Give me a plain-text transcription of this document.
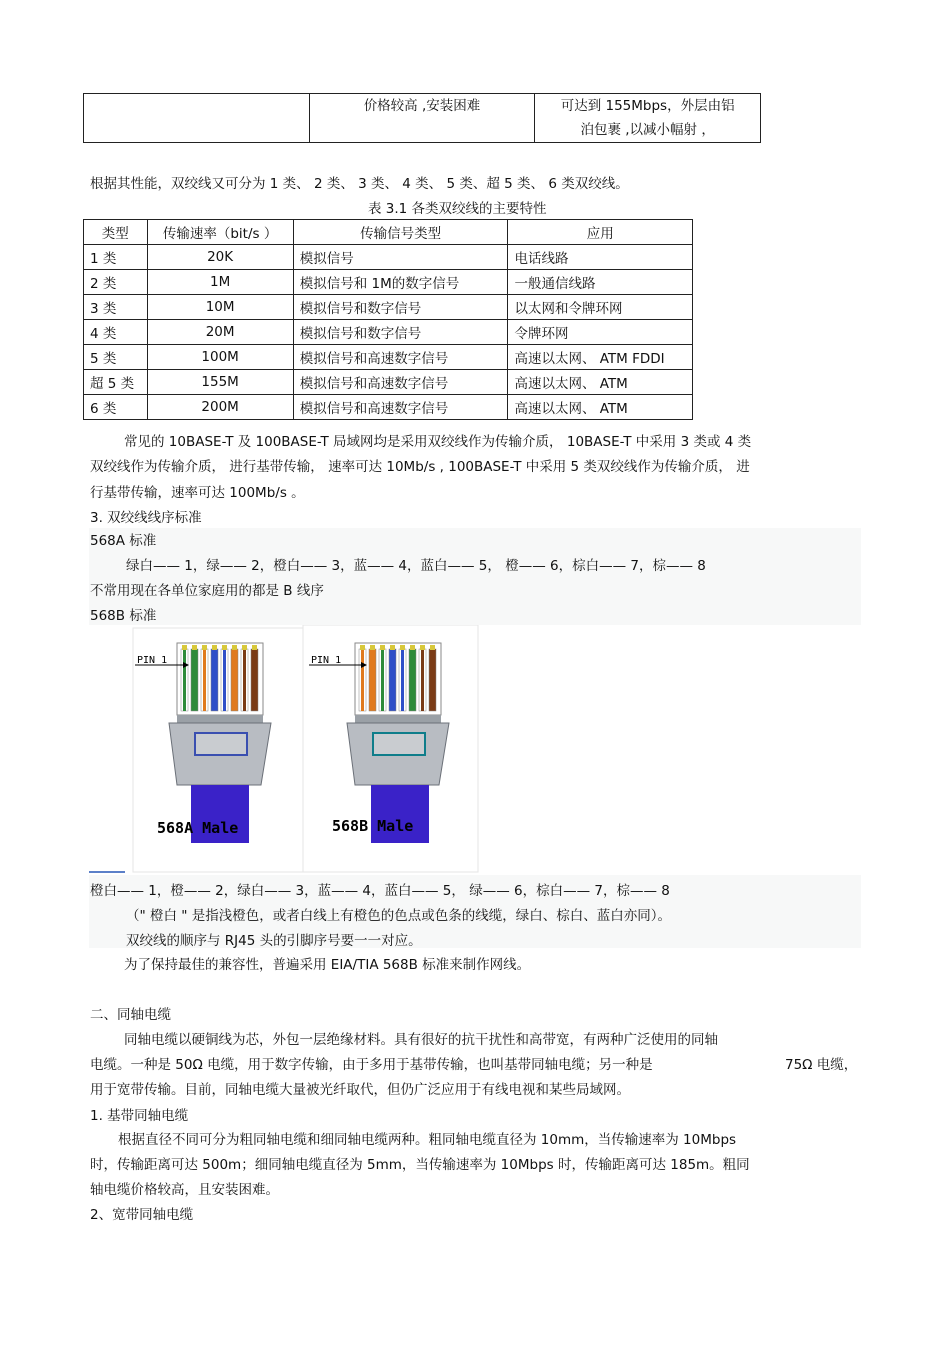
	价格较高 ,安装困难	可达到 155Mbps，外层由铝
泊包裹 ,以减小幅射 ，
根据其性能，双绞线又可分为 1 类、 2 类、 3 类、 4 类、 5 类、超 5 类、 6 类双绞线。
表 3.1 各类双绞线的主要特性
类型	传输速率（bit/s ）	传输信号类型	应用
1 类	20K	模拟信号	电话线路
2 类	1M	模拟信号和 1M的数字信号	一般通信线路
3 类	10M	模拟信号和数字信号	以太网和令牌环网
4 类	20M	模拟信号和数字信号	令牌环网
5 类	100M	模拟信号和高速数字信号	高速以太网、 ATM FDDI
超 5 类	155M	模拟信号和高速数字信号	高速以太网、 ATM
6 类	200M	模拟信号和高速数字信号	高速以太网、 ATM
常见的 10BASE-T 及 100BASE-T 局域网均是采用双绞线作为传输介质， 10BASE-T 中采用 3 类或 4 类
双绞线作为传输介质， 进行基带传输， 速率可达 10Mb/s , 100BASE-T 中采用 5 类双绞线作为传输介质， 进
行基带传输，速率可达 100Mb/s 。
3. 双绞线线序标准
568A 标准
绿白—— 1，绿—— 2，橙白—— 3，蓝—— 4，蓝白—— 5， 橙—— 6，棕白—— 7，棕—— 8
不常用现在各单位家庭用的都是 B 线序
568B 标准
PIN 1
568A Male
PIN 1
568B Male
橙白—— 1，橙—— 2，绿白—— 3，蓝—— 4，蓝白—— 5， 绿—— 6，棕白—— 7，棕—— 8
（" 橙白 " 是指浅橙色，或者白线上有橙色的色点或色条的线缆，绿白、棕白、蓝白亦同）。
双绞线的顺序与 RJ45 头的引脚序号要一一对应。
为了保持最佳的兼容性，普遍采用 EIA/TIA 568B 标准来制作网线。
二、同轴电缆
同轴电缆以硬铜线为芯，外包一层绝缘材料。具有很好的抗干扰性和高带宽，有两种广泛使用的同轴
电缆。一种是 50Ω 电缆，用于数字传输，由于多用于基带传输，也叫基带同轴电缆；另一种是	75Ω 电缆，
用于宽带传输。目前，同轴电缆大量被光纤取代，但仍广泛应用于有线电视和某些局域网。
1. 基带同轴电缆
根据直径不同可分为粗同轴电缆和细同轴电缆两种。粗同轴电缆直径为 10mm，当传输速率为 10Mbps
时，传输距离可达 500m；细同轴电缆直径为 5mm，当传输速率为 10Mbps 时，传输距离可达 185m。粗同
轴电缆价格较高，且安装困难。
2、宽带同轴电缆
